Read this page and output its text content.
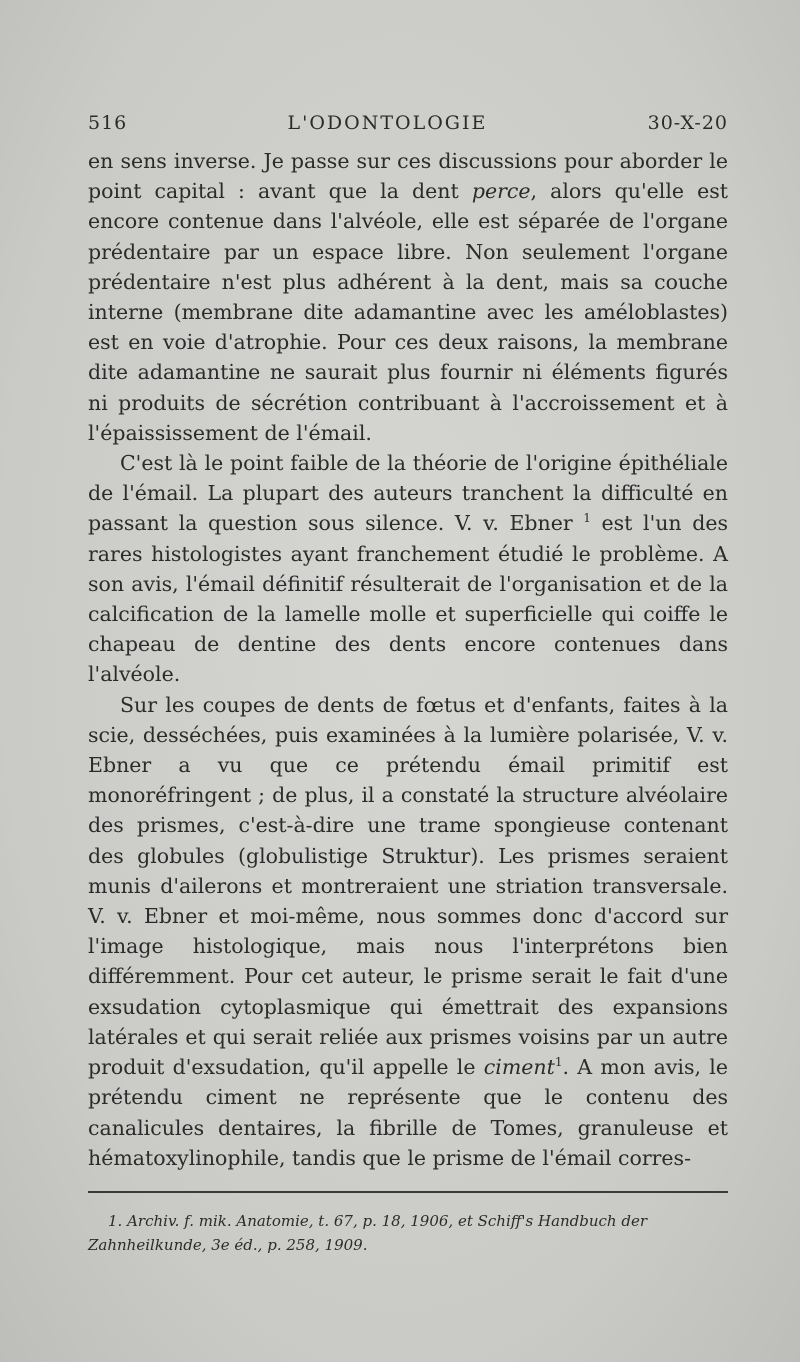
516	L'ODONTOLOGIE	30-X-20

en sens inverse. Je passe sur ces discussions pour aborder le point capital : avant que la dent perce, alors qu'elle est encore contenue dans l'alvéole, elle est séparée de l'organe prédentaire par un espace libre. Non seulement l'organe prédentaire n'est plus adhérent à la dent, mais sa couche interne (membrane dite adamantine avec les améloblastes) est en voie d'atrophie. Pour ces deux raisons, la membrane dite adamantine ne saurait plus fournir ni éléments figurés ni produits de sécrétion contribuant à l'accroissement et à l'épaississement de l'émail.

C'est là le point faible de la théorie de l'origine épithéliale de l'émail. La plupart des auteurs tranchent la difficulté en passant la question sous silence. V. v. Ebner $^1$ est l'un des rares histologistes ayant franchement étudié le problème. A son avis, l'émail définitif résulterait de l'organisation et de la calcification de la lamelle molle et superficielle qui coiffe le chapeau de dentine des dents encore contenues dans l'alvéole.

Sur les coupes de dents de fœtus et d'enfants, faites à la scie, desséchées, puis examinées à la lumière polarisée, V. v. Ebner a vu que ce prétendu émail primitif est monoréfringent ; de plus, il a constaté la structure alvéolaire des prismes, c'est-à-dire une trame spongieuse contenant des globules (globulistige Struktur). Les prismes seraient munis d'ailerons et montreraient une striation transversale. V. v. Ebner et moi-même, nous sommes donc d'accord sur l'image histologique, mais nous l'interprétons bien différemment. Pour cet auteur, le prisme serait le fait d'une exsudation cytoplasmique qui émettrait des expansions latérales et qui serait reliée aux prismes voisins par un autre produit d'exsudation, qu'il appelle le ciment$^1$. A mon avis, le prétendu ciment ne représente que le contenu des canalicules dentaires, la fibrille de Tomes, granuleuse et hématoxylinophile, tandis que le prisme de l'émail corres-

1. Archiv. f. mik. Anatomie, t. 67, p. 18, 1906, et Schiff's Handbuch der Zahnheilkunde, 3e éd., p. 258, 1909.
